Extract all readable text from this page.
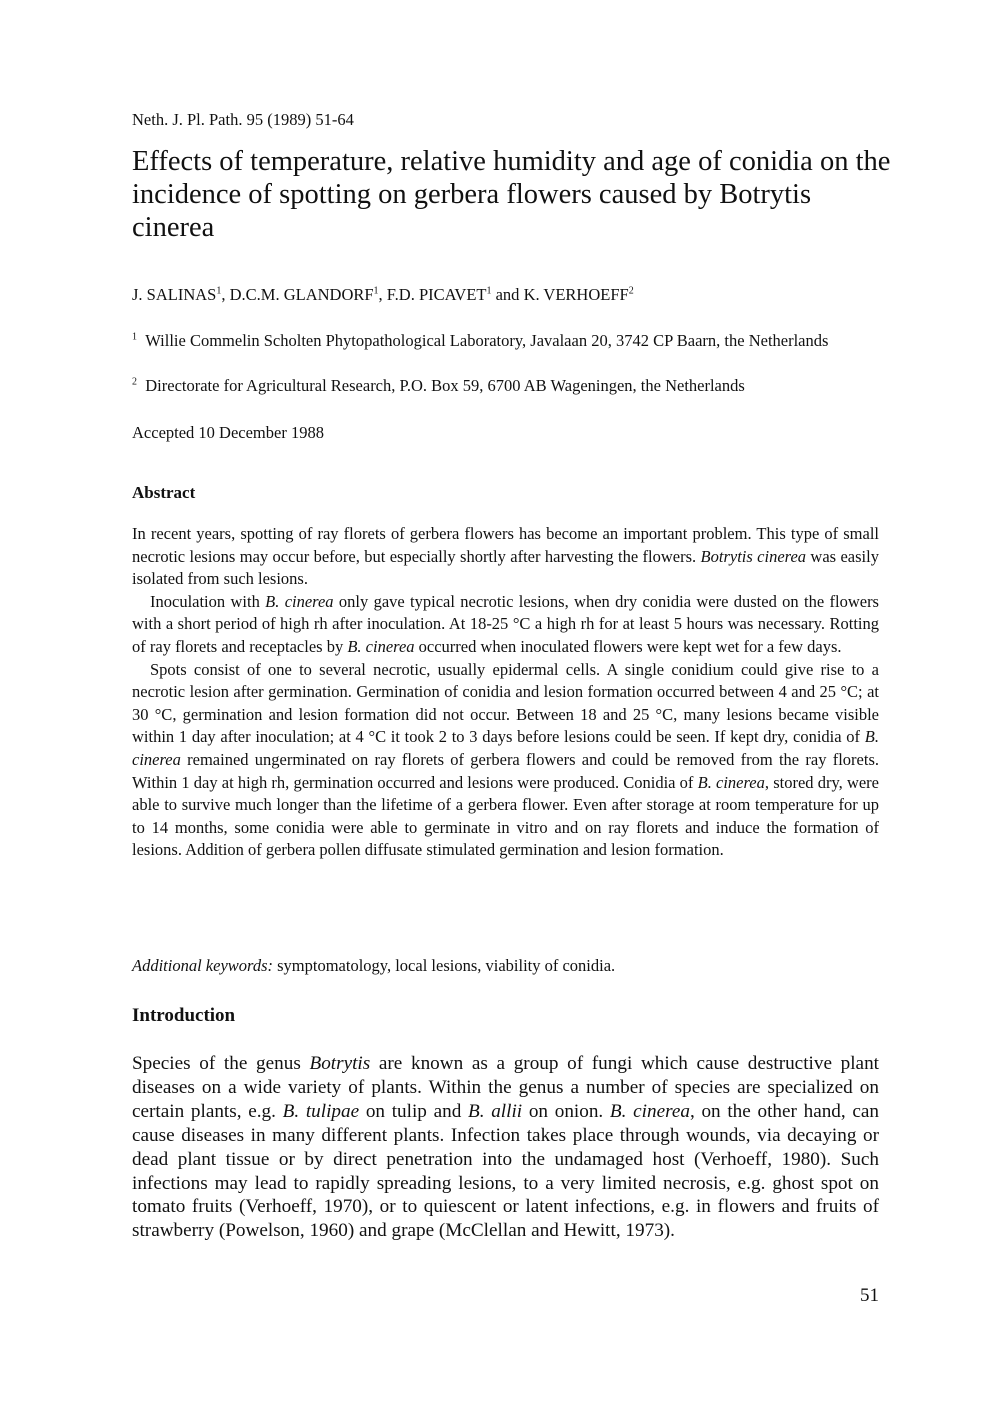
Neth. J. Pl. Path. 95 (1989) 51-64
Effects of temperature, relative humidity and age of conidia on the incidence of spotting on gerbera flowers caused by Botrytis cinerea
J. SALINAS$^1$, D.C.M. GLANDORF$^1$, F.D. PICAVET$^1$ and K. VERHOEFF$^2$
$^1$ Willie Commelin Scholten Phytopathological Laboratory, Javalaan 20, 3742 CP Baarn, the Netherlands
$^2$ Directorate for Agricultural Research, P.O. Box 59, 6700 AB Wageningen, the Netherlands
Accepted 10 December 1988
Abstract

In recent years, spotting of ray florets of gerbera flowers has become an important problem. This type of small necrotic lesions may occur before, but especially shortly after harvesting the flowers. Botrytis cinerea was easily isolated from such lesions.

Inoculation with B. cinerea only gave typical necrotic lesions, when dry conidia were dusted on the flowers with a short period of high rh after inoculation. At 18-25 °C a high rh for at least 5 hours was necessary. Rotting of ray florets and receptacles by B. cinerea occurred when inoculated flowers were kept wet for a few days.

Spots consist of one to several necrotic, usually epidermal cells. A single conidium could give rise to a necrotic lesion after germination. Germination of conidia and lesion formation occurred between 4 and 25 °C; at 30 °C, germination and lesion formation did not occur. Between 18 and 25 °C, many lesions became visible within 1 day after inoculation; at 4 °C it took 2 to 3 days before lesions could be seen. If kept dry, conidia of B. cinerea remained ungerminated on ray florets of gerbera flowers and could be removed from the ray florets. Within 1 day at high rh, germination occurred and lesions were produced. Conidia of B. cinerea, stored dry, were able to survive much longer than the lifetime of a gerbera flower. Even after storage at room temperature for up to 14 months, some conidia were able to germinate in vitro and on ray florets and induce the formation of lesions. Addition of gerbera pollen diffusate stimulated germination and lesion formation.

Additional keywords: symptomatology, local lesions, viability of conidia.
Introduction

Species of the genus Botrytis are known as a group of fungi which cause destructive plant diseases on a wide variety of plants. Within the genus a number of species are specialized on certain plants, e.g. B. tulipae on tulip and B. allii on onion. B. cinerea, on the other hand, can cause diseases in many different plants. Infection takes place through wounds, via decaying or dead plant tissue or by direct penetration into the undamaged host (Verhoeff, 1980). Such infections may lead to rapidly spreading lesions, to a very limited necrosis, e.g. ghost spot on tomato fruits (Verhoeff, 1970), or to quiescent or latent infections, e.g. in flowers and fruits of strawberry (Powelson, 1960) and grape (McClellan and Hewitt, 1973).

51
